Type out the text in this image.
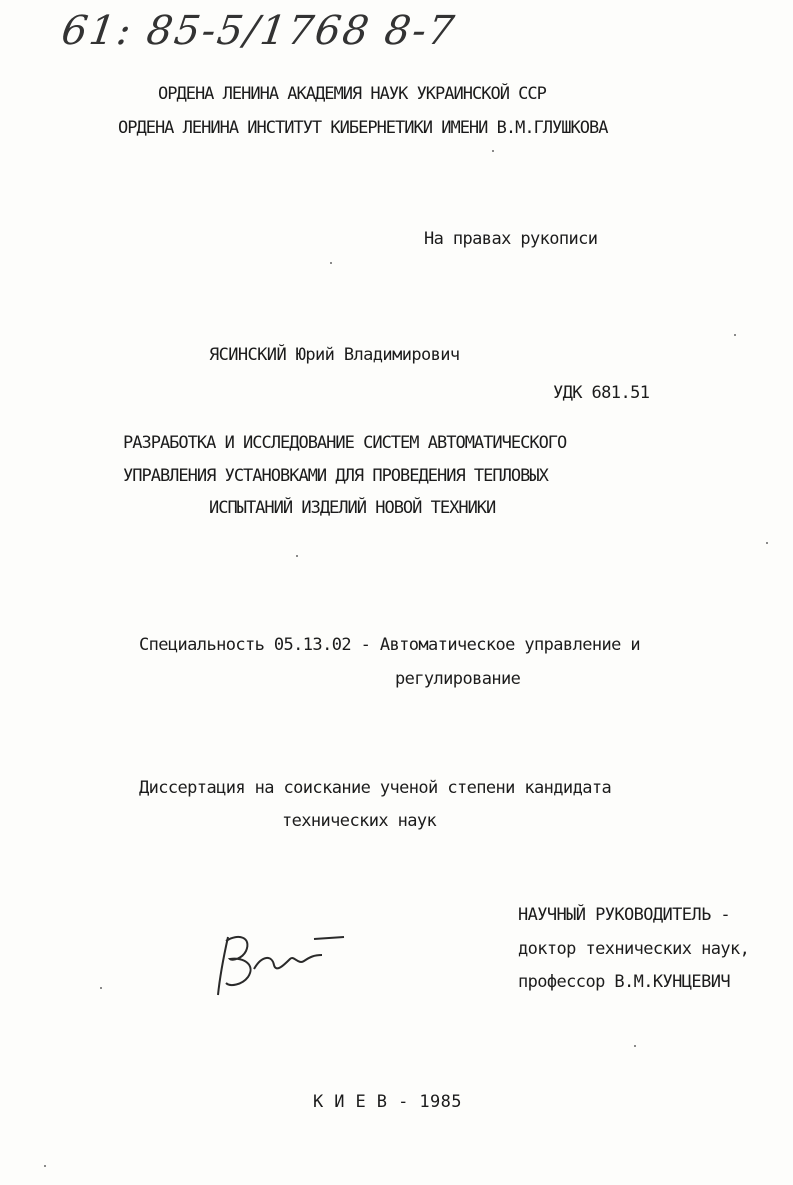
61: 85-5/1768 8-7
ОРДЕНА ЛЕНИНА АКАДЕМИЯ НАУК УКРАИНСКОЙ ССР
ОРДЕНА ЛЕНИНА ИНСТИТУТ КИБЕРНЕТИКИ ИМЕНИ В.М.ГЛУШКОВА
На правах рукописи
ЯСИНСКИЙ Юрий Владимирович
УДК 681.51
РАЗРАБОТКА И ИССЛЕДОВАНИЕ СИСТЕМ АВТОМАТИЧЕСКОГО
УПРАВЛЕНИЯ УСТАНОВКАМИ ДЛЯ ПРОВЕДЕНИЯ ТЕПЛОВЫХ
ИСПЫТАНИЙ ИЗДЕЛИЙ НОВОЙ ТЕХНИКИ
Специальность 05.13.02 - Автоматическое управление и
регулирование
Диссертация на соискание ученой степени кандидата
технических наук
НАУЧНЫЙ РУКОВОДИТЕЛЬ -
доктор технических наук,
профессор В.М.КУНЦЕВИЧ
К И Е В - 1985
